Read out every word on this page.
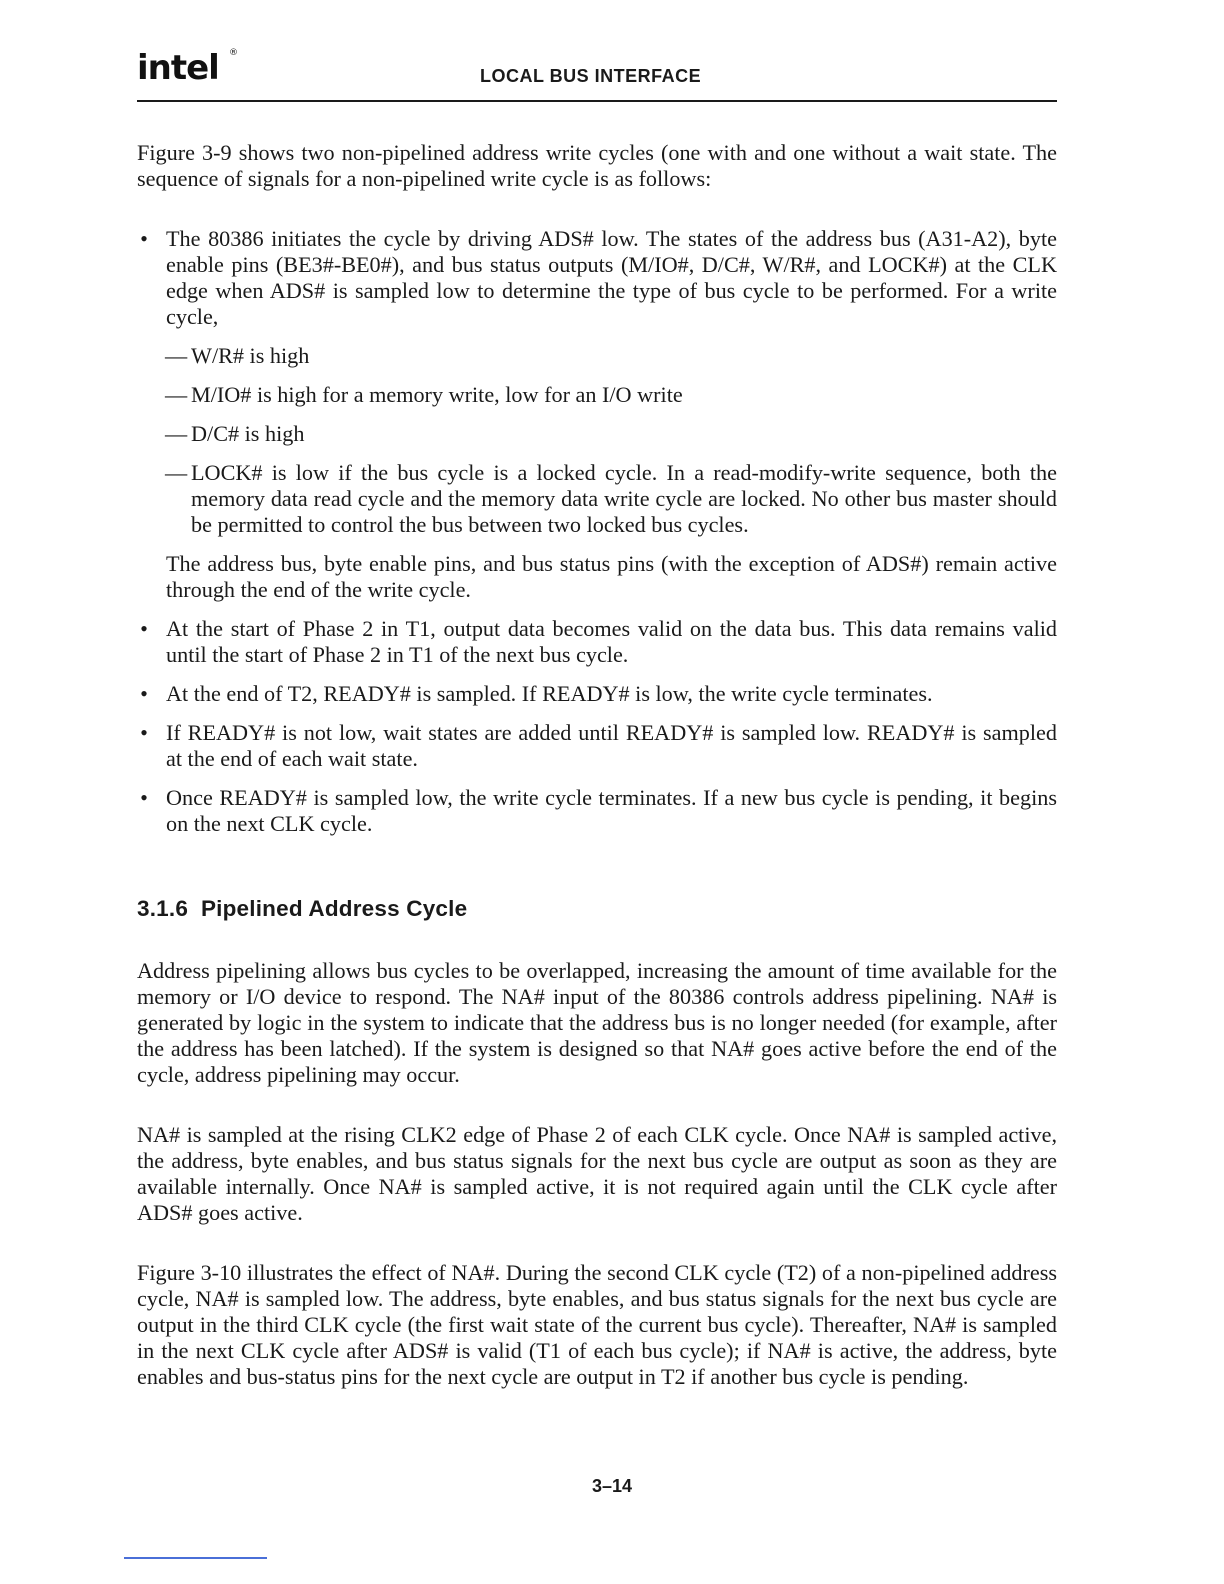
intel ®
LOCAL BUS INTERFACE

Figure 3-9 shows two non-pipelined address write cycles (one with and one without a wait state. The sequence of signals for a non-pipelined write cycle is as follows:

• The 80386 initiates the cycle by driving ADS# low. The states of the address bus (A31-A2), byte enable pins (BE3#-BE0#), and bus status outputs (M/IO#, D/C#, W/R#, and LOCK#) at the CLK edge when ADS# is sampled low to determine the type of bus cycle to be performed. For a write cycle,

— W/R# is high

— M/IO# is high for a memory write, low for an I/O write

— D/C# is high

— LOCK# is low if the bus cycle is a locked cycle. In a read-modify-write sequence, both the memory data read cycle and the memory data write cycle are locked. No other bus master should be permitted to control the bus between two locked bus cycles.

The address bus, byte enable pins, and bus status pins (with the exception of ADS#) remain active through the end of the write cycle.

• At the start of Phase 2 in T1, output data becomes valid on the data bus. This data remains valid until the start of Phase 2 in T1 of the next bus cycle.

• At the end of T2, READY# is sampled. If READY# is low, the write cycle terminates.

• If READY# is not low, wait states are added until READY# is sampled low. READY# is sampled at the end of each wait state.

• Once READY# is sampled low, the write cycle terminates. If a new bus cycle is pending, it begins on the next CLK cycle.

3.1.6 Pipelined Address Cycle

Address pipelining allows bus cycles to be overlapped, increasing the amount of time available for the memory or I/O device to respond. The NA# input of the 80386 controls address pipelining. NA# is generated by logic in the system to indicate that the address bus is no longer needed (for example, after the address has been latched). If the system is designed so that NA# goes active before the end of the cycle, address pipelining may occur.

NA# is sampled at the rising CLK2 edge of Phase 2 of each CLK cycle. Once NA# is sampled active, the address, byte enables, and bus status signals for the next bus cycle are output as soon as they are available internally. Once NA# is sampled active, it is not required again until the CLK cycle after ADS# goes active.

Figure 3-10 illustrates the effect of NA#. During the second CLK cycle (T2) of a non-pipelined address cycle, NA# is sampled low. The address, byte enables, and bus status signals for the next bus cycle are output in the third CLK cycle (the first wait state of the current bus cycle). Thereafter, NA# is sampled in the next CLK cycle after ADS# is valid (T1 of each bus cycle); if NA# is active, the address, byte enables and bus-status pins for the next cycle are output in T2 if another bus cycle is pending.

3–14
